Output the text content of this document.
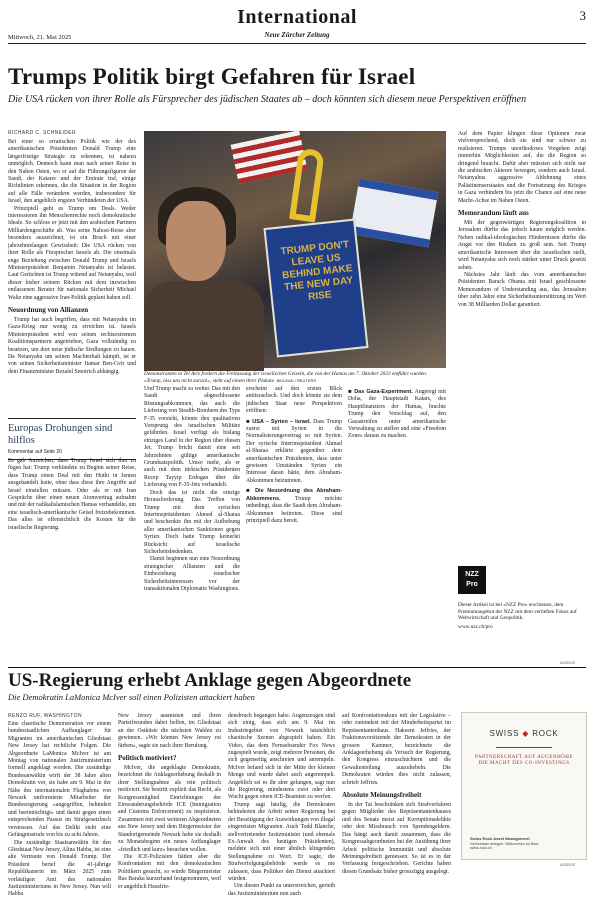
Mittwoch, 21. Mai 2025
International
Neue Zürcher Zeitung
3
Trumps Politik birgt Gefahren für Israel
Die USA rücken von ihrer Rolle als Fürsprecher des jüdischen Staates ab – doch könnten sich diesem neue Perspektiven eröffnen
RICHARD C. SCHNEIDER

Bei einer so erratischen Politik wie der des amerikanischen Präsidenten Donald Trump eine längerfristige Strategie zu erkennen, ist nahezu unmöglich. Dennoch kann man nach seiner Reise in den Nahen Osten, wo er auf die Führungsfiguren der Saudi, der Katarer und der Emirate traf, einige Richtlinien erkennen, die die Situation in der Region auf alle Fälle verändern werden, insbesondere für Israel, den angeblich engsten Verbündeten der USA.

Prinzipiell geht es Trump um Deals. Weder interessieren ihn Menschenrechte noch demokratische Ideale. So schloss er jetzt mit den arabischen Partnern Milliardengeschäfte ab. Was seine Nahost-Reise aber besonders auszeichnet, ist ein Bruch mit einer jahrzehntelangen Gewissheit: Die USA rücken von ihrer Rolle als Fürsprecher Israels ab. Die einstmals enge Beziehung zwischen Donald Trump und Israels Ministerpräsident Benjamin Netanyahu ist belastet. Laut Gerüchten ist Trump wütend auf Netanyahu, weil dieser bisher seinem Rücken mit dem inzwischen entlassenen Berater für nationale Sicherheit Michael Waltz eine aggressive Iran-Politik geplant haben soll.

Neuordnung von Allianzen

Trump hat auch begriffen, dass mit Netanyahu im Gaza-Krieg nur wenig zu erreichen ist. Israels Ministerpräsident wird von seinen rechtsextremen Koalitionspartnern angetrieben, Gaza vollständig zu besetzen, um dort neue jüdische Siedlungen zu bauen. Da Netanyahu um seinen Machterhalt kämpft, ist er von seinen Sicherheitsminister Itamar Ben-Gvir und dem Finanzminister Bezalel Smotrich abhängig.

Europas Drohungen sind hilflos
Kommentar auf Seite 20

Es gab Anzeichen, dass Trump Israel sich ihm zu fügen hat: Trump verkündete zu Beginn seiner Reise, dass Trump einen Deal mit den Huthi in Jemen ausgehandelt hatte, ohne dass diese ihre Angriffe auf Israel einstellen müssen. Oder als er mit Iran Gespräche über einen neuen Atomvertrag aufnahm und mit der radikalislamischen Hamas verhandelte, um eine israelisch-amerikanische Geisel freizubekommen. Das alles ist offensichtlich die Kosten für die israelische Regierung.

TRUMP DON'T LEAVE US BEHIND MAKE THE NEW DAY RISE
Demonstranten in Tel Aviv fordern die Freilassung der israelischen Geiseln, die von der Hamas am 7. Oktober 2023 entführt wurden. «Trump, lass uns nicht zurück», steht auf einem ihrer Plakate. BK/LEAD / REUTERS

Und Trump macht so weiter. Das mit den Saudi abgeschlossene Rüstungsabkommen, das auch die Lieferung von Stealth-Bombern des Typs F-35 vorsieht, könnte den qualitativen Vorsprung des israelischen Militärs gefährden. Israel verfügt als bislang einziges Land in der Region über diesen Jet. Trump bricht damit eine seit Jahrzehnten gültige amerikanische Grundsatzpolitik. Umso mehr, als er auch mit dem türkischen Präsidenten Recep Tayyip Erdogan über die Lieferung von F-35-Jets verhandelt.

Doch das ist nicht die einzige Herausforderung. Das Treffen von Trump mit dem syrischen Interimspräsidenten Ahmed al-Sharaa und beschenkte ihn mit der Aufhebung aller amerikanischen Sanktionen gegen Syrien. Doch hatte Trump keinerlei Rücksicht auf israelische Sicherheitsbedenken.

Damit beginnen nun eine Neuordnung strategischer Allianzen und die Einbeziehung israelischer Sicherheitsinteressen vor der transaktionalen Diplomatie Washingtons.

erscheint auf den ersten Blick antiisraelisch. Und doch könnte sie dem jüdischen Staat neue Perspektiven eröffnen:

■ USA – Syrien – Israel. Dass Trump zuerst mit Syrien in die Normalisierungsvertrag so mit Syrien. Der syrische Interimspräsident Ahmad al-Sharaa erklärte gegenüber dem amerikanischen Präsidenten, dass unter gewissen Umständen Syrien ein Interesse daran hätte, dem Abraham-Abkommen beizutreten.
■ Die Neuordnung des Abraham-Abkommens. Trump möchte unbedingt, dass die Saudi dem Abraham-Abkommen beitreten. Diese sind prinzipiell dazu bereit.
■ Das Gaza-Experiment. Angeregt mit Doha, der Hauptstadt Katars, des Hauptfinanziers der Hamas, brachte Trump den Vorschlag auf, den Gazastreifen unter amerikanische Verwaltung zu stellen und eine «Freedom Zone» daraus zu machen.

Auf dem Papier klingen diese Optionen zwar vielversprechend, doch sie sind nur schwer zu realisieren. Trumps unorthodoxes Vorgehen zeigt immerhin Möglichkeiten auf, die die Region so dringend braucht. Dafür aber müssten sich nicht nur die arabischen Akteure bewegen, sondern auch Israel. Netanyahus aggressive Ablehnung eines Palästinenserstaates und die Fortsetzung des Krieges in Gaza verhindern bis jetzt die Chance auf eine neue Macht-Achse im Nahen Osten.

Memorandum läuft aus

Mit der gegenwärtigen Regierungskoalition in Jerusalem dürfte das jedoch kaum möglich werden. Neben radikal-ideologischen Hindernissen dürfte die Angst vor den Risiken zu groß sein. Seit Trump amerikanische Interessen über die israelischen stellt, wird Netanyahu sich noch stärker unter Druck gesetzt sehen.

Nächstes Jahr läuft das vom amerikanischen Präsidenten Barack Obama mit Israel geschlossene Memorandum of Understanding aus, das Jerusalem über zehn Jahre eine Sicherheitsunterstützung im Wert von 38 Milliarden Dollar garantiert.

NZZ
Pro
Dieser Artikel ist bei «NZZ Pro» erschienen, dem Premiumangebot der NZZ mit dem vertieften Fokus auf Weltwirtschaft und Geopolitik.
www.nzz.ch/pro
ANZEIGE
US-Regierung erhebt Anklage gegen Abgeordnete
Die Demokratin LaMonica McIver soll einen Polizisten attackiert haben
RENZO RUF, WASHINGTON

Eine chaotische Demonstration vor einem bundesstaatlichen Auffanglager für Migranten im amerikanischen Gliedstaat New Jersey hat rechtliche Folgen. Die Abgeordnete LaMonica McIver ist am Montag von nationalen Justizministerium formell angeklagt worden. Die zuständige Bundesanwältin wirft der 38 Jahre alten Demokratin vor, sie habe am 9. Mai in der Nähe des internationalen Flughafens von Newark uniformierte Mitarbeiter der Bundesregierung «angegriffen, behindert und beeinträchtigt» und damit gegen einen entsprechenden Passus im Strafgesetzbuch verstossen. Auf das Delikt steht eine Gefängnisstrafe von bis zu acht Jahren.

Die zuständige Staatsanwältin für den Gliedstaat New Jersey, Alina Habba, ist eine alte Vertraute von Donald Trump. Der Präsident berief die 41-jährige Republikanerin im März 2025 zum vorläufigen Amt des nationalen Justizministeriums in New Jersey. Nun will Habba

New Jersey ausmisten und ihren Parteifreunden dabei helfen, im Gliedstaat an der Ostküste die nächsten Wahlen zu gewinnen. «Wir können New Jersey rot färben», sagte sie nach ihrer Berufung.

Politisch motiviert?

McIver, die angeklagte Demokratin, bezeichnet die Anklageerhebung deshalb in ihrer Stellungnahme als rein politisch motiviert. Sie bestritt explizit das Recht, als Kongressmitglied Einrichtungen der Einwanderungsbehörde ICE (Immigration and Customs Enforcement) zu inspizieren. Zusammen mit zwei weiteren Abgeordneten aus New Jersey und dem Bürgermeister der Standortgemeinde Newark habe sie deshalb zu Monatsbeginn ein neues Auffanglager «friedlich und kurz» besuchen wollen.

Die ICE-Polizisten hätten aber die Konfrontation mit den demokratischen Politikern gesucht, so würde Bürgermeister Ras Baraka kurzerhand festgenommen, weil er angeblich Hausfrie-

densbruch begangen habe. Augenzeugen sind sich einig, dass sich am 9. Mai im Industriegebiet von Newark tatsächlich chaotische Szenen abgespielt haben. Ein Video, das dem Fernsehsender Fox News zugespielt wurde, zeigt mehrere Personen, die sich gegenseitig anschreien und anrempeln. McIver befand sich in der Mitte der kleinen Menge und wurde dabei auch angerempelt. Angeblich sei es ihr aber gelungen, sagt nun die Regierung, mindestens zwei oder drei Wucht gegen einen ICE-Beamten zu werfen.

Trump sagt häufig, die Demokraten behinderten die Arbeit seiner Regierung bei der Beseitigung der Auswirkungen von illegal eingereisten Migranten. Auch Todd Blanche, stellvertretender Justizminister (und ehemals Ex-Anwalt des heutigen Präsidenten), meldete sich mit einer ähnlich klingenden Stellungnahme zu Wort. Er sagte, die Strafverfolgungsbehörde werde es nie zulassen, dass Politiker den Dienst attackiert würden.

Um diesen Punkt zu unterstreichen, gerieth das Justizministerium nun auch

auf Konfrontationskurs mit der Legislative – oder zumindest mit der Minderheitspartei im Repräsentantenhaus. Hakeem Jeffries, der Fraktionsvorsitzende der Demokraten in der grossen Kammer, bezeichnete die Anklageerhebung als Versuch der Regierung, den Kongress einzuschüchtern und die Gewaltenteilung auszuhebeln. Die Demokraten würden dies nicht zulassen, schrieb Jeffries.

Absolute Meinungsfreiheit

In der Tat beschränken sich Strafverfahren gegen Mitglieder des Repräsentantenhauses und des Senats meist auf Korruptionsdelikte oder den Missbrauch von Spendengeldern. Das hängt auch damit zusammen, dass die Kongressabgeordneten bei der Ausübung ihrer Arbeit politische Immunität und absolute Meinungsfreiheit geniessen. So ist es in der Verfassung festgeschrieben. Gerichte haben diesen Grundsatz bisher grosszügig ausgelegt.

SWISS ◆ ROCK
PARTNERSCHAFT AUF AUGENHÖHE DIE MACHT DES CO-INVESTINGS
Swiss Rock Asset Management
Gemeinsam anlegen. Willkommen an Bord.
swiss-rock.ch
ANZEIGE
